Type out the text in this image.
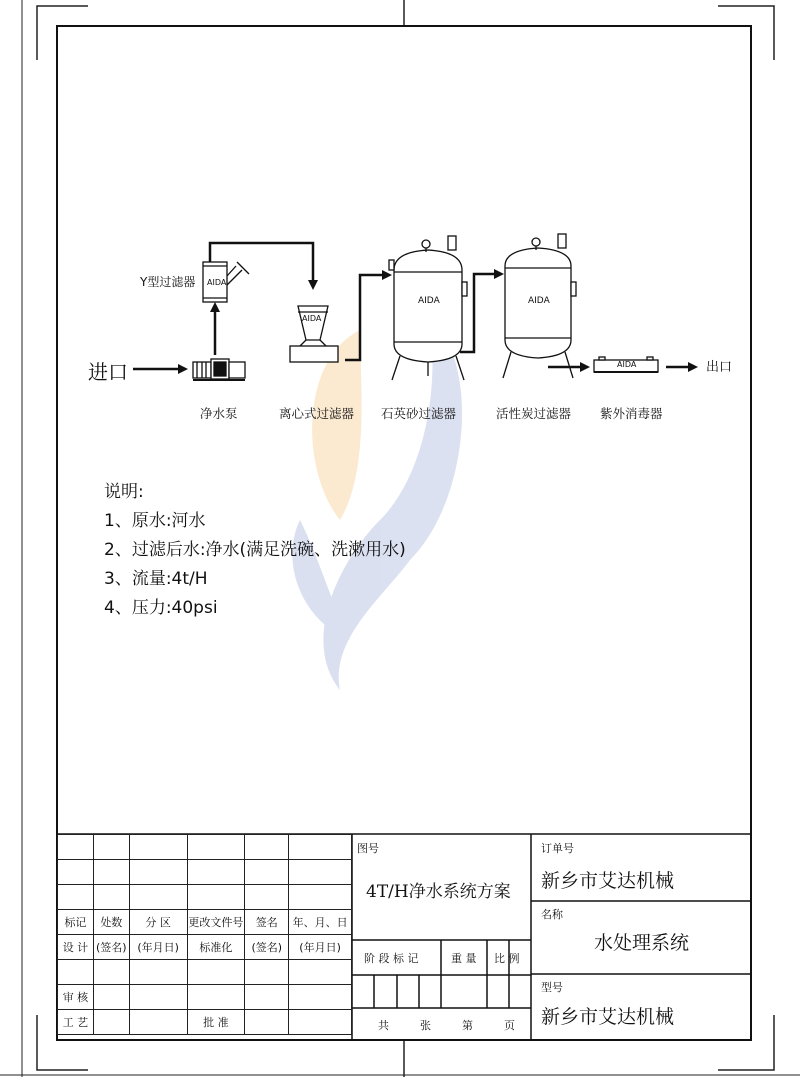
进口	出口
Y型过滤器 AIDA
AIDA
AIDA	AIDA
AIDA
净水泵	离心式过滤器 石英砂过滤器	活性炭过滤器 紫外消毒器
说明:
1、原水:河水
2、过滤后水:净水(满足洗碗、洗漱用水)
3、流量:4t/H
4、压力:40psi

标记	处数	分 区	更改文件号	签名	年、月、日
设 计	(签名)	(年月日)	标准化	(签名)	(年月日)

审 核					
工 艺			批 准		
图号
4T/H净水系统方案
阶 段 标 记	重 量 比 例
共	张	第	页
订单号
新乡市艾达机械
名称
水处理系统
型号
新乡市艾达机械
